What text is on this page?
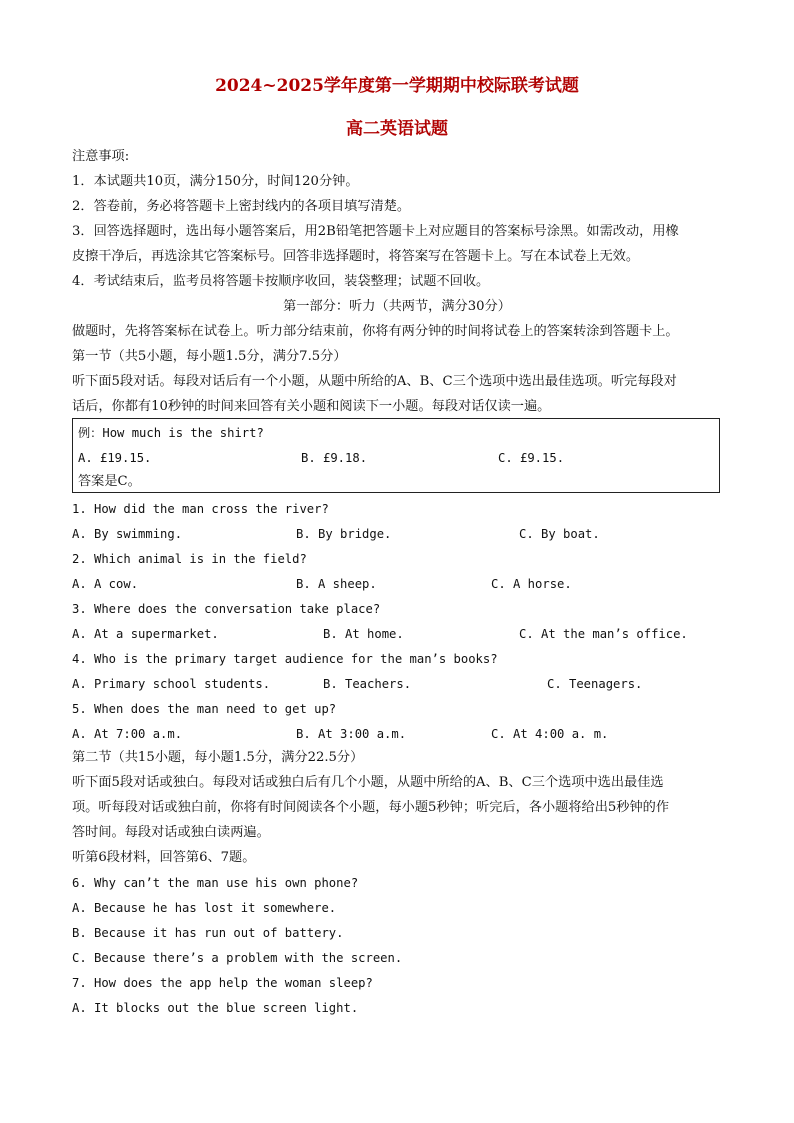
2024~2025学年度第一学期期中校际联考试题
高二英语试题
注意事项:
1．本试题共10页，满分150分，时间120分钟。
2．答卷前，务必将答题卡上密封线内的各项目填写清楚。
3．回答选择题时，选出每小题答案后，用2B铅笔把答题卡上对应题目的答案标号涂黑。如需改动，用橡
皮擦干净后，再选涂其它答案标号。回答非选择题时，将答案写在答题卡上。写在本试卷上无效。
4．考试结束后，监考员将答题卡按顺序收回，装袋整理；试题不回收。
第一部分：听力（共两节，满分30分）
做题时，先将答案标在试卷上。听力部分结束前，你将有两分钟的时间将试卷上的答案转涂到答题卡上。
第一节（共5小题，每小题1.5分，满分7.5分）
听下面5段对话。每段对话后有一个小题，从题中所给的A、B、C三个选项中选出最佳选项。听完每段对
话后，你都有10秒钟的时间来回答有关小题和阅读下一小题。每段对话仅读一遍。
例：How much is the shirt?
A. £19.15.	B. £9.18.	C. £9.15.
答案是C。
1. How did the man cross the river?
A. By swimming.	B. By bridge.	C. By boat.
2. Which animal is in the field?
A. A cow.	B. A sheep.	C. A horse.
3. Where does the conversation take place?
A. At a supermarket.	B. At home.	C. At the man’s office.
4. Who is the primary target audience for the man’s books?
A. Primary school students.	B. Teachers.	C. Teenagers.
5. When does the man need to get up?
A. At 7:00 a.m.	B. At 3:00 a.m.	C. At 4:00 a. m.
第二节（共15小题，每小题1.5分，满分22.5分）
听下面5段对话或独白。每段对话或独白后有几个小题，从题中所给的A、B、C三个选项中选出最佳选
项。听每段对话或独白前，你将有时间阅读各个小题，每小题5秒钟；听完后，各小题将给出5秒钟的作
答时间。每段对话或独白读两遍。
听第6段材料，回答第6、7题。
6. Why can’t the man use his own phone?
A. Because he has lost it somewhere.
B. Because it has run out of battery.
C. Because there’s a problem with the screen.
7. How does the app help the woman sleep?
A. It blocks out the blue screen light.
